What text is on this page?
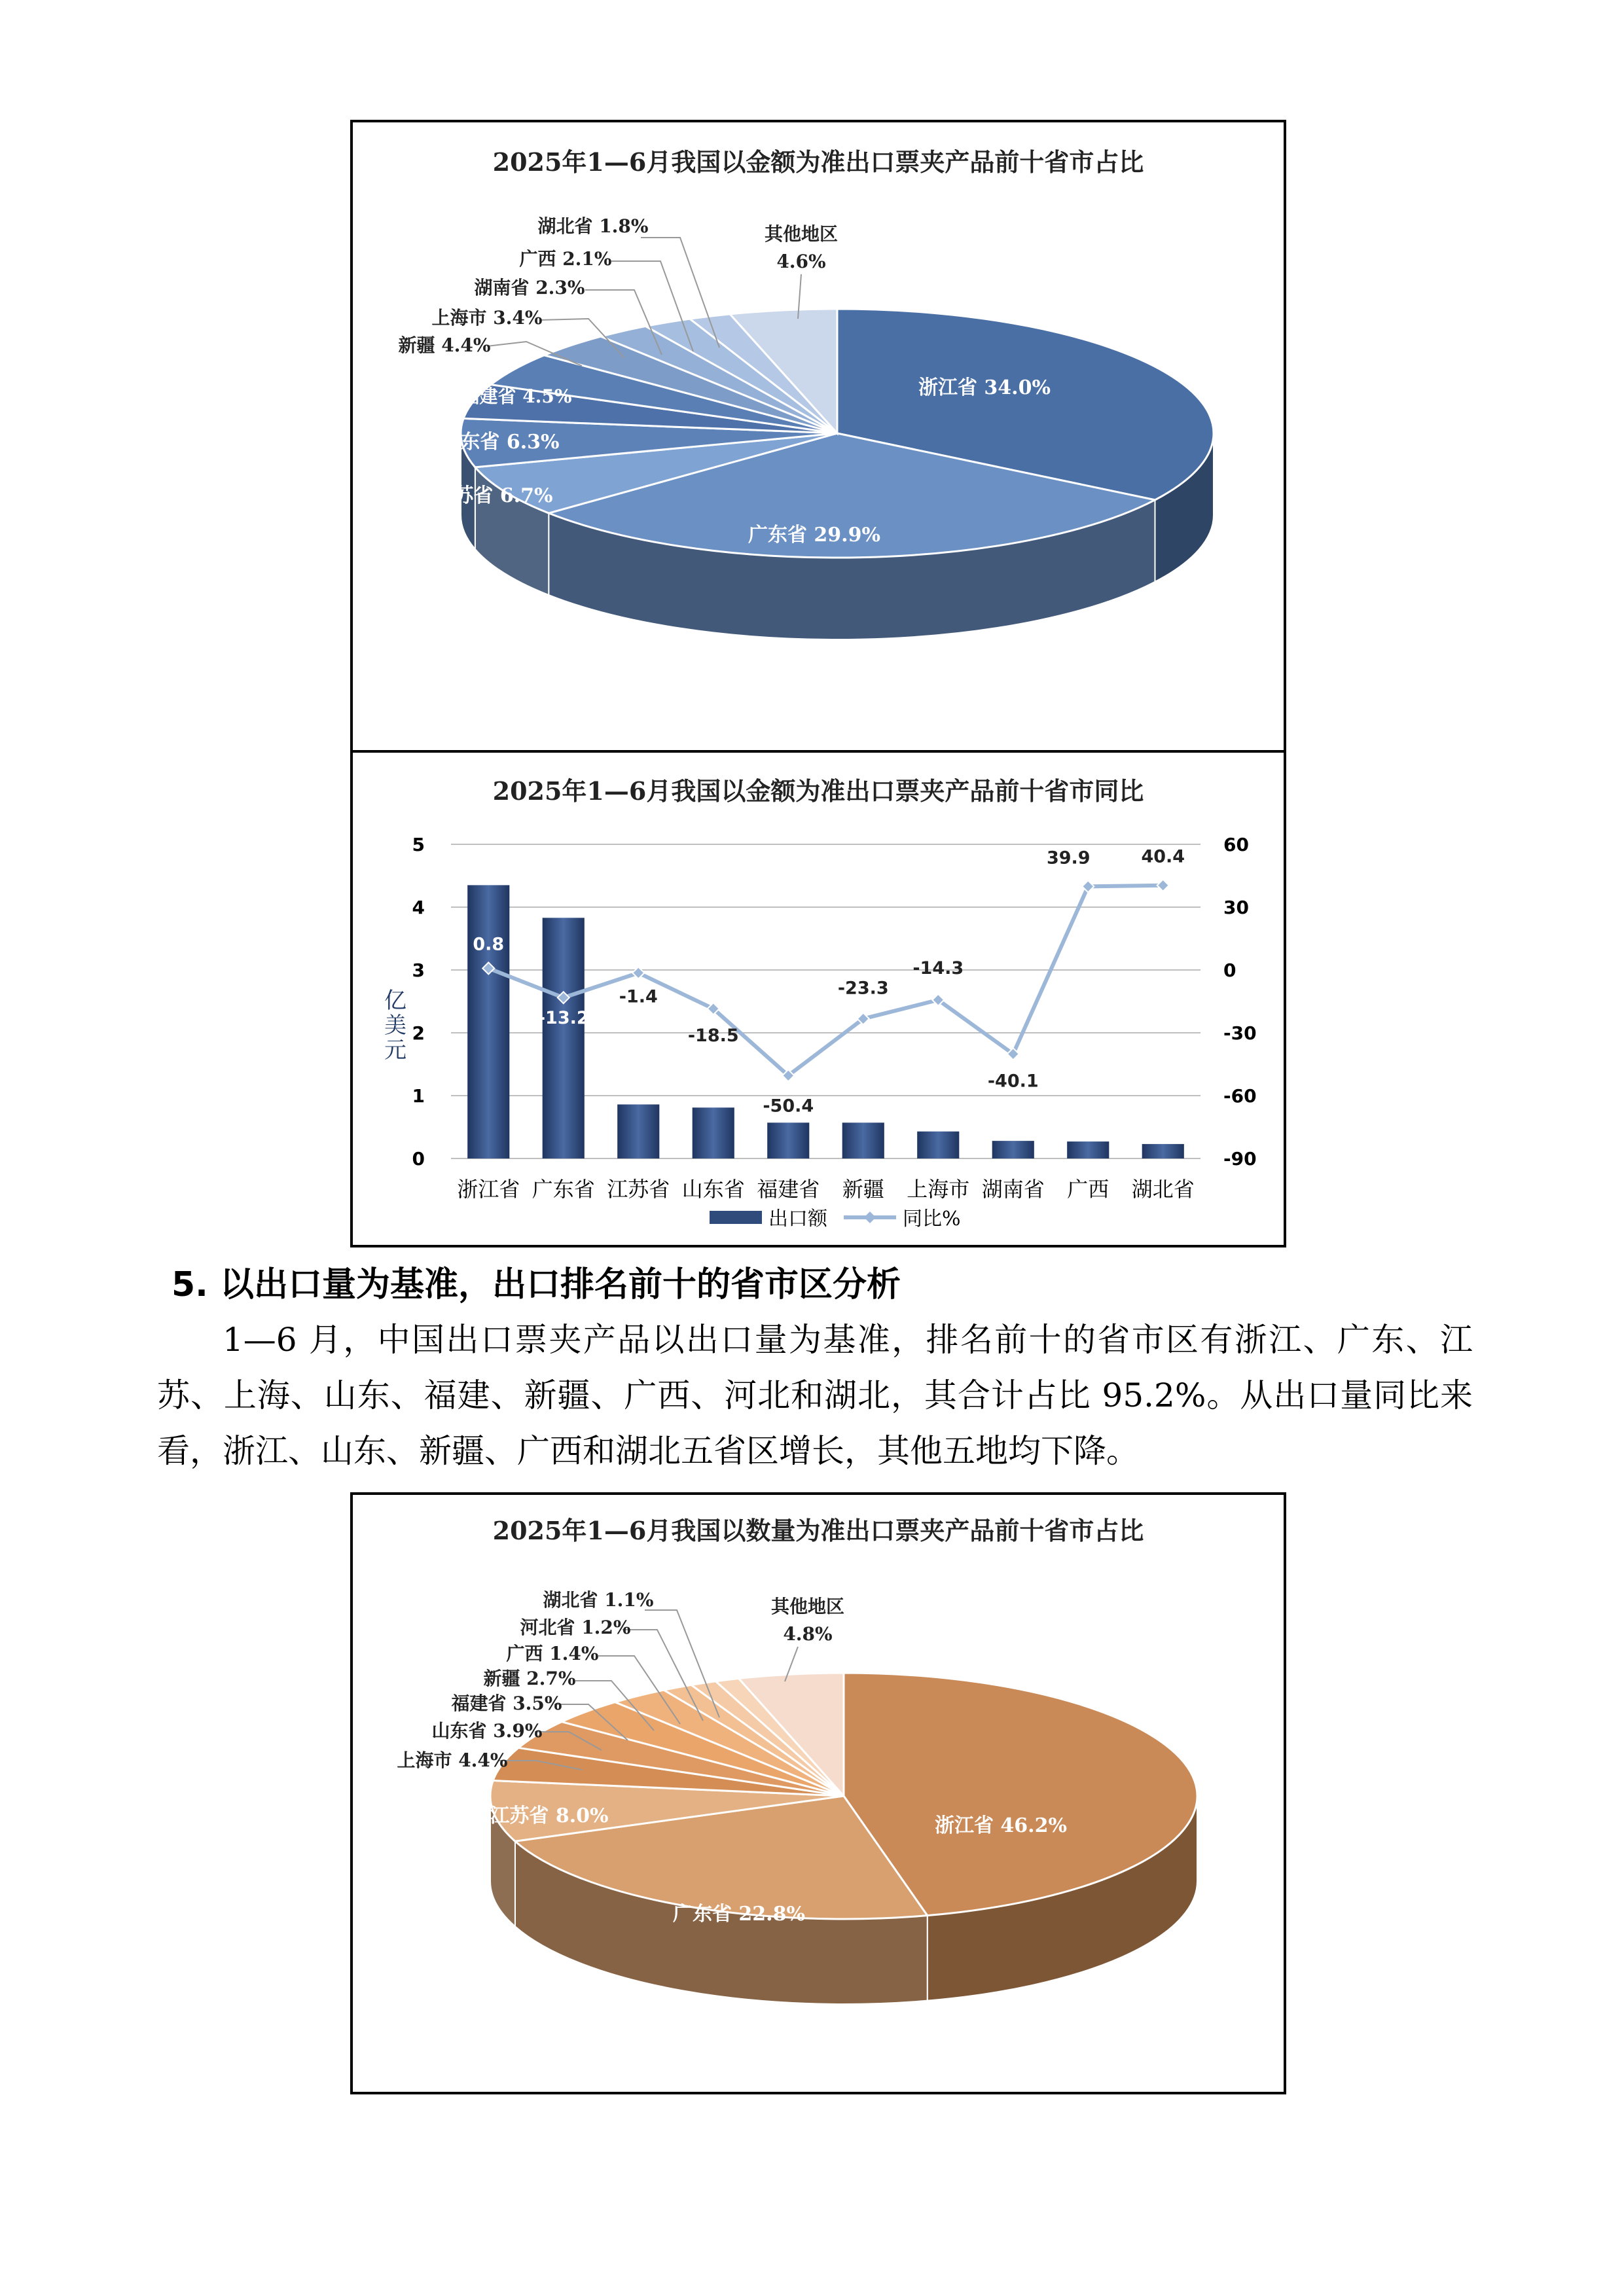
2025年1—6月我国以金额为准出口票夹产品前十省市占比
浙江省 34.0%
广东省 29.9%
江苏省 6.7%
山东省 6.3%
福建省 4.5%
新疆 4.4%
上海市 3.4%
湖南省 2.3%
广西 2.1%
湖北省 1.8%	其他地区
4.6%
2025年1—6月我国以金额为准出口票夹产品前十省市同比
0
1
2
3
4
5
-90
-60
-30
0
30
60
亿美元
浙江省 广东省 江苏省 山东省 福建省 新疆 上海市 湖南省 广西 湖北省
0.8
-13.2
-1.4
-18.5
-50.4
-23.3
-14.3
-40.1
39.9	40.4
出口额	同比%
5. 以出口量为基准，出口排名前十的省市区分析
1—6 月，中国出口票夹产品以出口量为基准，排名前十的省市区有浙江、广东、江苏、上海、山东、福建、新疆、广西、河北和湖北，其合计占比 95.2%。从出口量同比来看，浙江、山东、新疆、广西和湖北五省区增长，其他五地均下降。
2025年1—6月我国以数量为准出口票夹产品前十省市占比
浙江省 46.2%
广东省 22.8%
江苏省 8.0%
上海市 4.4%
山东省 3.9%
福建省 3.5%
新疆 2.7%
广西 1.4%
河北省 1.2%
湖北省 1.1%	其他地区
4.8%
